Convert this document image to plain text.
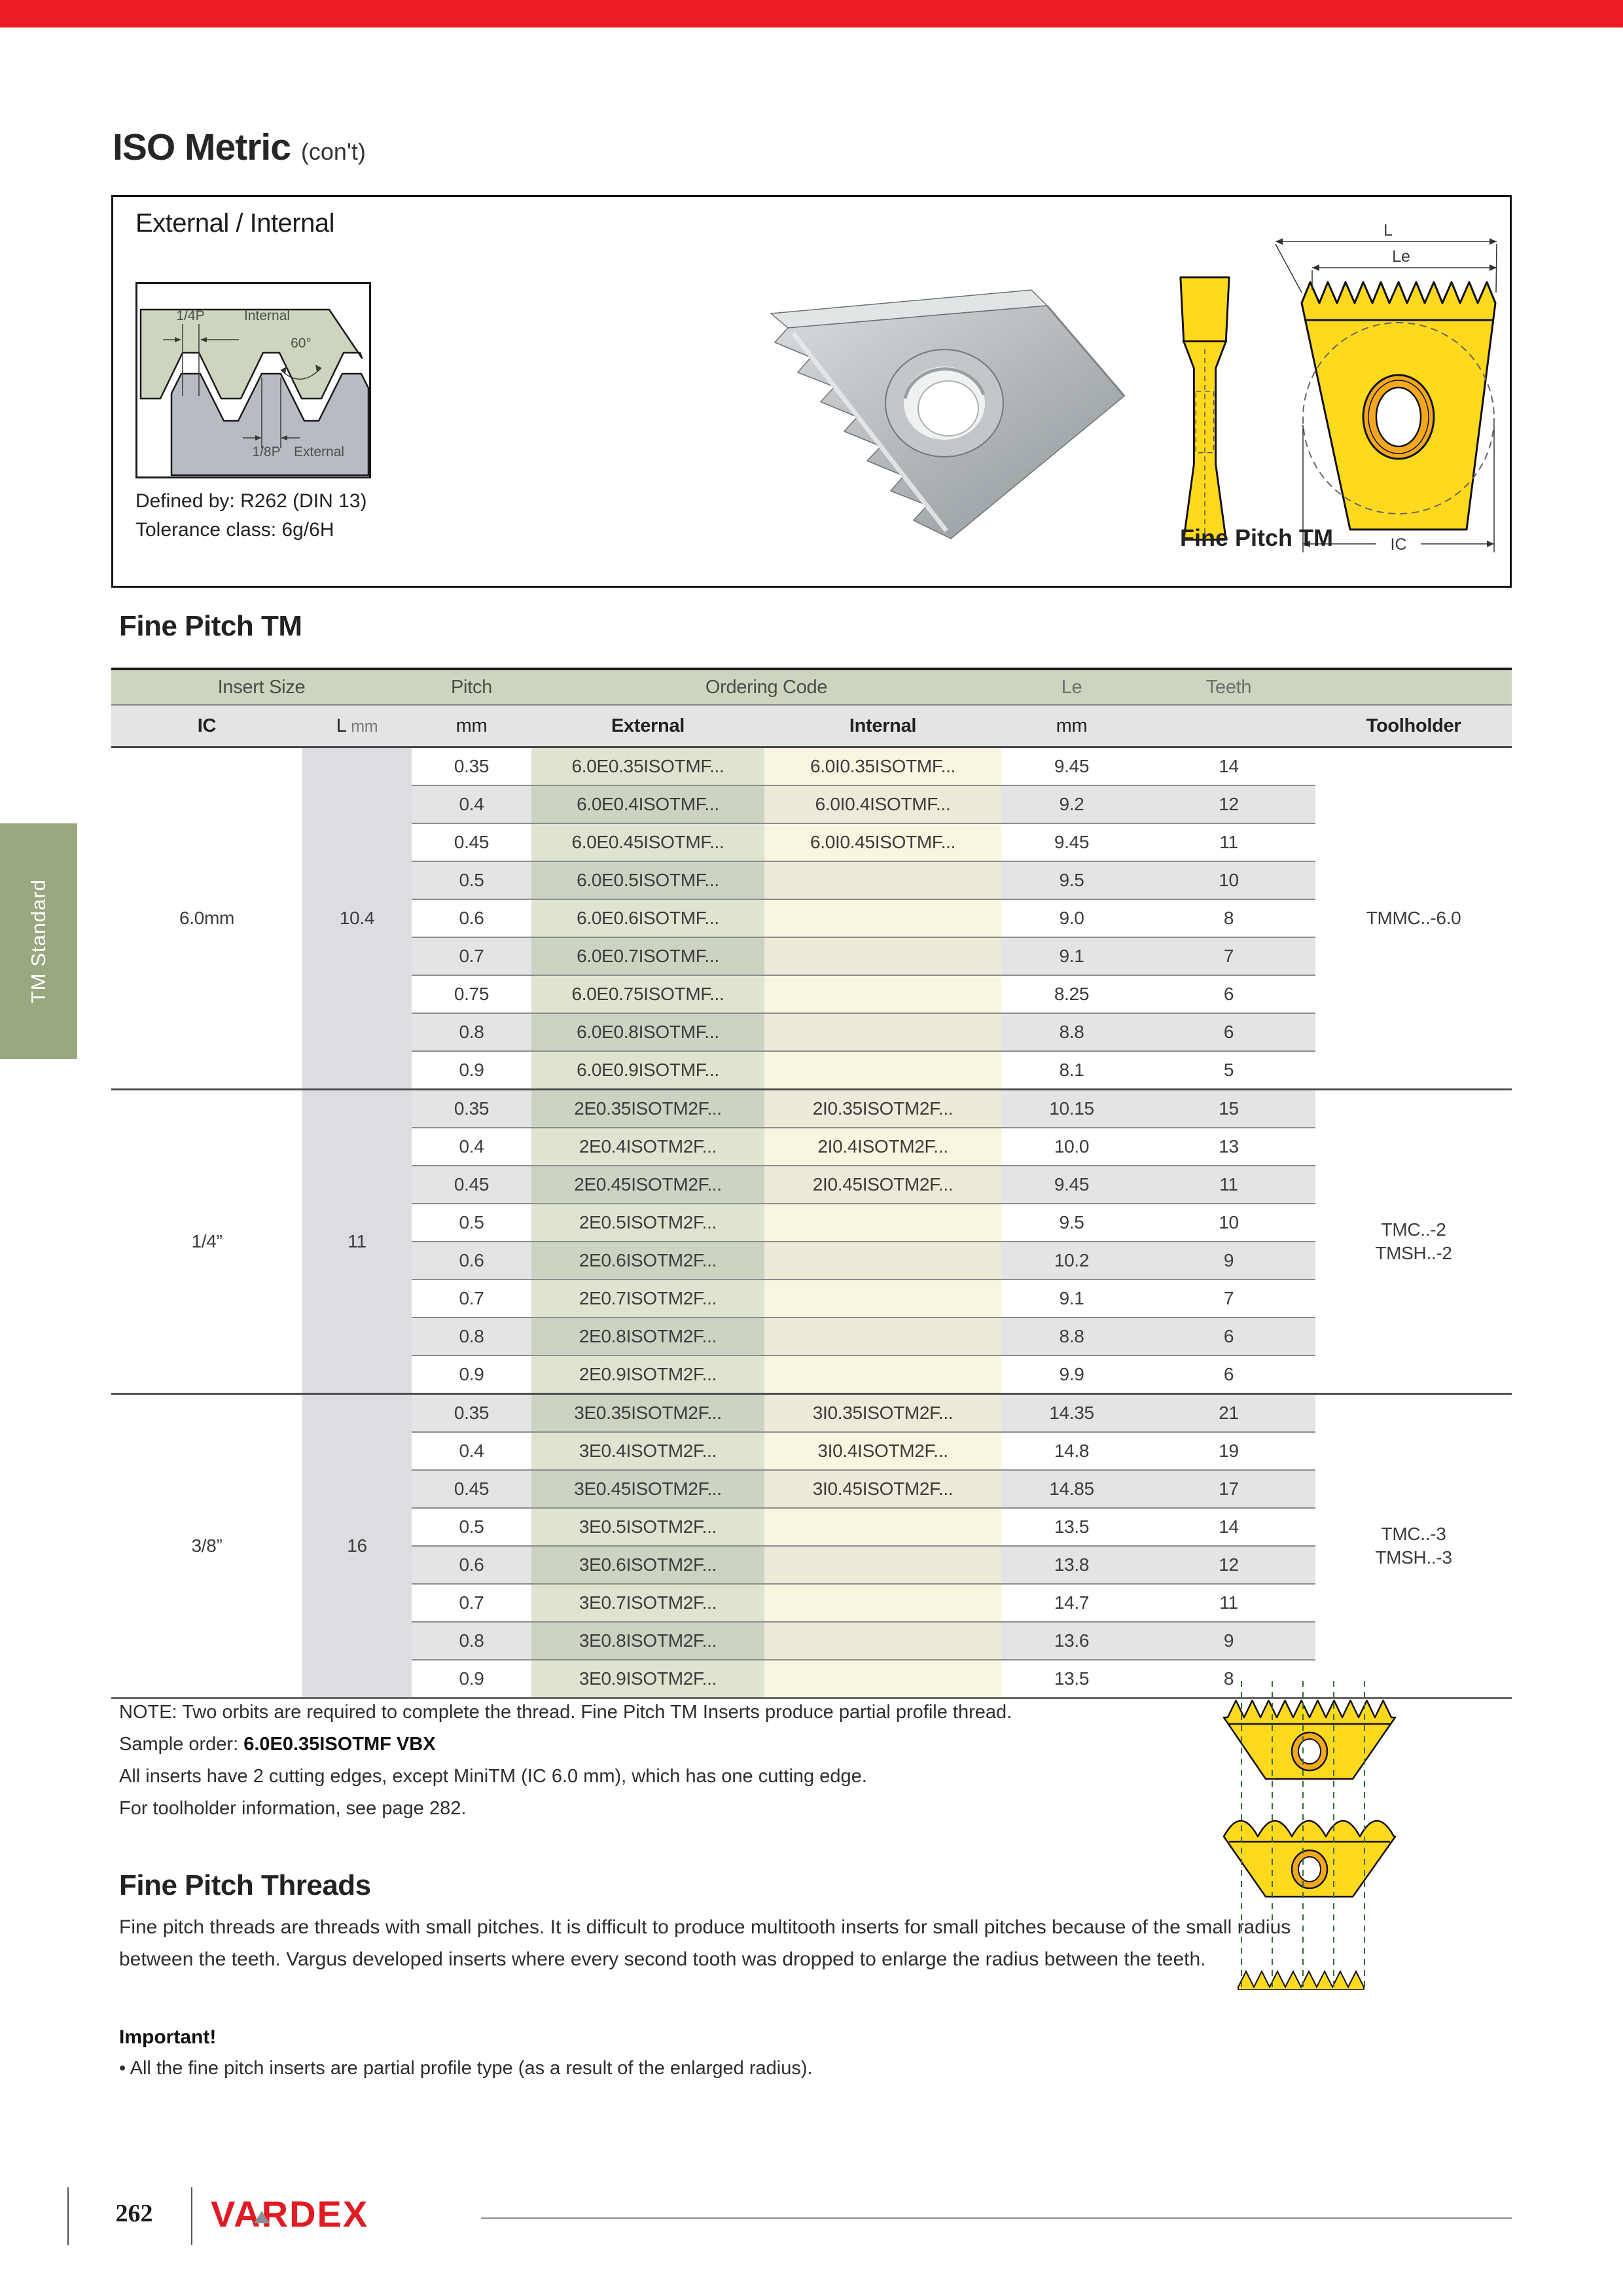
TM Standard
ISO Metric (con't)
External / Internal
1/4P	Internal
60°
1/8P External
Defined by: R262 (DIN 13)
Tolerance class: 6g/6H
L
Le
IC
Fine Pitch TM
Fine Pitch TM
Insert Size		Pitch	Ordering Code		Le	Teeth	
IC	L mm	mm	External	Internal	mm		Toolholder
6.0mm	10.4	0.35	6.0E0.35ISOTMF...	6.0I0.35ISOTMF...	9.45	14	TMMC..-6.0
		0.4	6.0E0.4ISOTMF...	6.0I0.4ISOTMF...	9.2	12	
		0.45	6.0E0.45ISOTMF...	6.0I0.45ISOTMF...	9.45	11	
		0.5	6.0E0.5ISOTMF...		9.5	10	
		0.6	6.0E0.6ISOTMF...		9.0	8	
		0.7	6.0E0.7ISOTMF...		9.1	7	
		0.75	6.0E0.75ISOTMF...		8.25	6	
		0.8	6.0E0.8ISOTMF...		8.8	6	
		0.9	6.0E0.9ISOTMF...		8.1	5	
1/4”	11	0.35	2E0.35ISOTM2F...	2I0.35ISOTM2F...	10.15	15	TMC..-2
TMSH..-2
		0.4	2E0.4ISOTM2F...	2I0.4ISOTM2F...	10.0	13	
		0.45	2E0.45ISOTM2F...	2I0.45ISOTM2F...	9.45	11	
		0.5	2E0.5ISOTM2F...		9.5	10	
		0.6	2E0.6ISOTM2F...		10.2	9	
		0.7	2E0.7ISOTM2F...		9.1	7	
		0.8	2E0.8ISOTM2F...		8.8	6	
		0.9	2E0.9ISOTM2F...		9.9	6	
3/8”	16	0.35	3E0.35ISOTM2F...	3I0.35ISOTM2F...	14.35	21	TMC..-3
TMSH..-3
		0.4	3E0.4ISOTM2F...	3I0.4ISOTM2F...	14.8	19	
		0.45	3E0.45ISOTM2F...	3I0.45ISOTM2F...	14.85	17	
		0.5	3E0.5ISOTM2F...		13.5	14	
		0.6	3E0.6ISOTM2F...		13.8	12	
		0.7	3E0.7ISOTM2F...		14.7	11	
		0.8	3E0.8ISOTM2F...		13.6	9	
		0.9	3E0.9ISOTM2F...		13.5	8	
NOTE: Two orbits are required to complete the thread. Fine Pitch TM Inserts produce partial profile thread.
Sample order: 6.0E0.35ISOTMF VBX
All inserts have 2 cutting edges, except MiniTM (IC 6.0 mm), which has one cutting edge.
For toolholder information, see page 282.
Fine Pitch Threads

Fine pitch threads are threads with small pitches. It is difficult to produce multitooth inserts for small pitches because of the small radius between the teeth. Vargus developed inserts where every second tooth was dropped to enlarge the radius between the teeth.

Important!

• All the fine pitch inserts are partial profile type (as a result of the enlarged radius).

262	VARDEX
